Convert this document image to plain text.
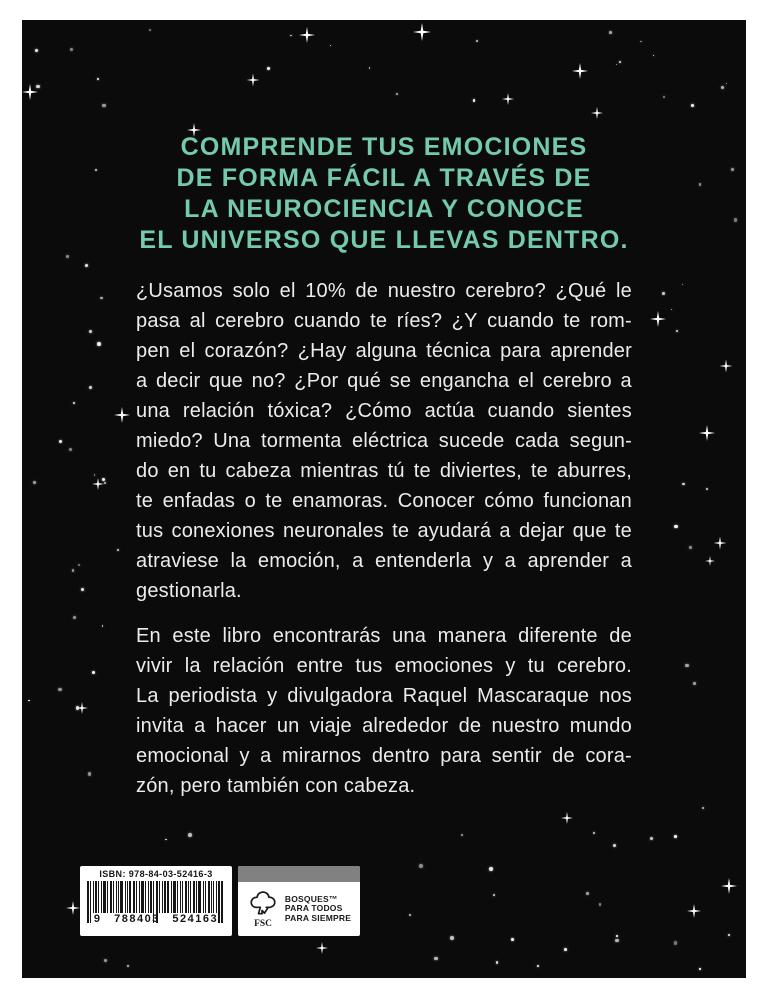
COMPRENDE TUS EMOCIONES
DE FORMA FÁCIL A TRAVÉS DE
LA NEUROCIENCIA Y CONOCE
EL UNIVERSO QUE LLEVAS DENTRO.
¿Usamos solo el 10% de nuestro cerebro? ¿Qué le
pasa al cerebro cuando te ríes? ¿Y cuando te rom-
pen el corazón? ¿Hay alguna técnica para aprender
a decir que no? ¿Por qué se engancha el cerebro a
una relación tóxica? ¿Cómo actúa cuando sientes
miedo? Una tormenta eléctrica sucede cada segun-
do en tu cabeza mientras tú te diviertes, te aburres,
te enfadas o te enamoras. Conocer cómo funcionan
tus conexiones neuronales te ayudará a dejar que te
atraviese la emoción, a entenderla y a aprender a
gestionarla.
En este libro encontrarás una manera diferente de
vivir la relación entre tus emociones y tu cerebro.
La periodista y divulgadora Raquel Mascaraque nos
invita a hacer un viaje alrededor de nuestro mundo
emocional y a mirarnos dentro para sentir de cora-
zón, pero también con cabeza.
ISBN: 978-84-03-52416-3
9 788403 524163	FSC
BOSQUES™
PARA TODOS
PARA SIEMPRE
